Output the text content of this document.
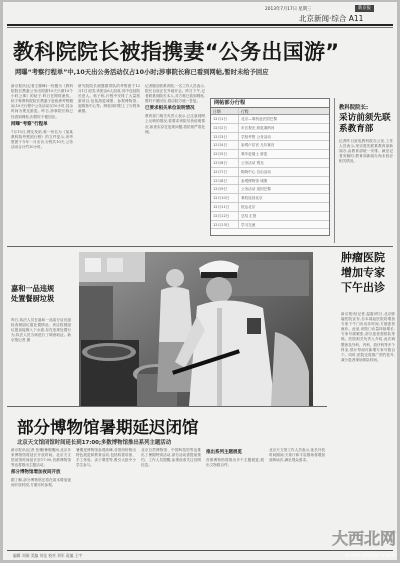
2013年7月17日 星期三	新京报
北京新闻·综合 A11
教科院院长被指携妻“公务出国游”
网曝“考察行程单”中,10天出公务活动仅占10小时;涉事院长称已看到网帖,暂时未给予回应
新京报讯(记者王继峰)一份题为《教科院院长携妻公务出国游10天只做10个小时公事》的帖子,昨日在网络流传。帖子称教科院院长携妻子赴欧洲考察期间,10天行程中公务活动仅10小时,其余时间为观光游览。昨日,涉事院长称已经看到网帖,但暂时不便回应。
网曝“考察”行程单
7月15日,网友发帖,称一份名为《某某教科院考察团行程》的文件显示,该考察团于今年一月出访,行程共10天,公务活动合计约10小时。
研究院院长谢慧娟带队的考察团于12月1日出国,该团由6人组成,其中包括院长爱人。帖子称,行程中安排了大量旅游项目,包括游览城堡、参观博物馆、逛购物中心等。网帖同时附上了行程单截图。
记者随后联系该院,一名工作人员表示,院长目前正在外地开会。昨日下午,记者联系到院长本人,对方称已看到网帖,暂时不便回应,将由院方统一答复。
已要求相关单位说明情况
教育部门相关负责人表示,已注意到网上反映的情况,将要求该院尽快说明情况,如查实存在违规问题,将依规严肃处理。
网帖部分行程
日期	行程
12月1日	北京—乘机赴法国巴黎
12月2日	市区观光 游览塞纳河
12月3日	学校考察 公务活动
12月4日	参观卢浮宫 凡尔赛宫
12月5日	乘车赴瑞士 游览
12月6日	公务活动 观光
12月7日	购物中心 自由活动
12月8日	参观博物馆 城堡
12月9日	公务活动 返回巴黎
12月10日	乘机返回北京
12月11日	抵达北京
12月12日	总结 汇报
12月13日	学习交流
教科院院长:
采访前须先联系教育部
记者昨日致电教科院办公室,工作人员表示,采访需先联系教育部新闻办,由教育部统一安排。截至记者发稿时,教育部新闻办尚未回应相关情况。
嘉和一品违规处置餐厨垃圾
昨日,执法人员在嘉和一品某分店后厨检查餐厨垃圾处置情况。该店将餐厨垃圾直接倒入下水道,存在违规处置行为,执法人员当场进行了调查取证。新京报记者 摄
肿瘤医院增加专家下午出诊
新京报讯(记者 温薷)昨日,北京肿瘤医院宣布,自本周起医院将增加专家下午门诊出诊时间,方便患者就诊。此前,该院门诊量持续增长,专家号源紧张,部分患者需排队等候。医院相关负责人介绍,此次调整涉及外科、内科、放疗科等多个科室,预计每周可新增专家号数百个。同时,医院还将推广预约挂号,减少患者现场排队时间。
部分博物馆暑期延迟闭馆
北京天文馆闭馆时间延长到17:00;多数博物馆推出系列主题活动
新京报讯(记者 张骥)暑假期间,北京多家博物馆将延长开放时间。北京天文馆闭馆时间延长至17:00,首都博物馆等也将推出主题活动。
部分博物馆增加夜间开放
据了解,部分博物馆还将在周末增加夜间开放时段,方便市民参观。
暑期是博物馆参观高峰,各馆纷纷推出特色展览和教育活动,包括科普讲座、手工体验、亲子课堂等,吸引大批中小学生参与。
北京自然博物馆、中国科技馆等也推出了暑期特别活动,部分活动需提前预约。工作人员提醒,参观前请关注官网信息。
推出系列主题展览
首都博物馆将推出多个主题展览,展出文物数百件。
北京天文馆工作人员表示,延长开放时间期间,天象厅和宇宙剧场将增加放映场次,满足观众需求。
编辑 刘刚 美编 刘佳 校对 刘军 责编 王宇
大西北网
www.dxbei.com
